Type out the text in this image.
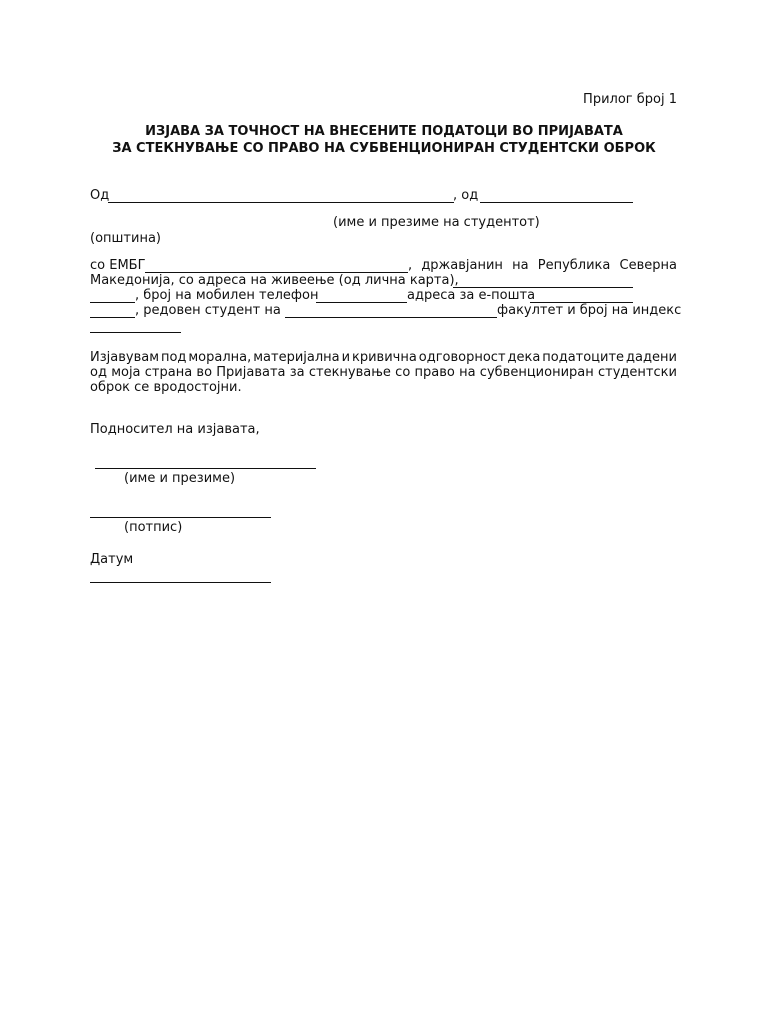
Прилог број 1
ИЗЈАВА ЗА ТОЧНОСТ НА ВНЕСЕНИТЕ ПОДАТОЦИ ВО ПРИЈАВАТА
ЗА СТЕКНУВАЊЕ СО ПРАВО НА СУБВЕНЦИОНИРАН СТУДЕНТСКИ ОБРОК
Од	, од
(име и презиме на студентот)
(општина)
со ЕМБГ	, државјанин на Република Северна
Македонија, со адреса на живеење (од лична карта),
, број на мобилен телефон	адреса за е-пошта
, редовен студент на	факултет и број на индекс
Изјавувам под морална, материјална и кривична одговорност дека податоците дадени
од моја страна во Пријавата за стекнување со право на субвенциониран студентски
оброк се вродостојни.
Подносител на изјавата,
(име и презиме)
(потпис)
Датум
